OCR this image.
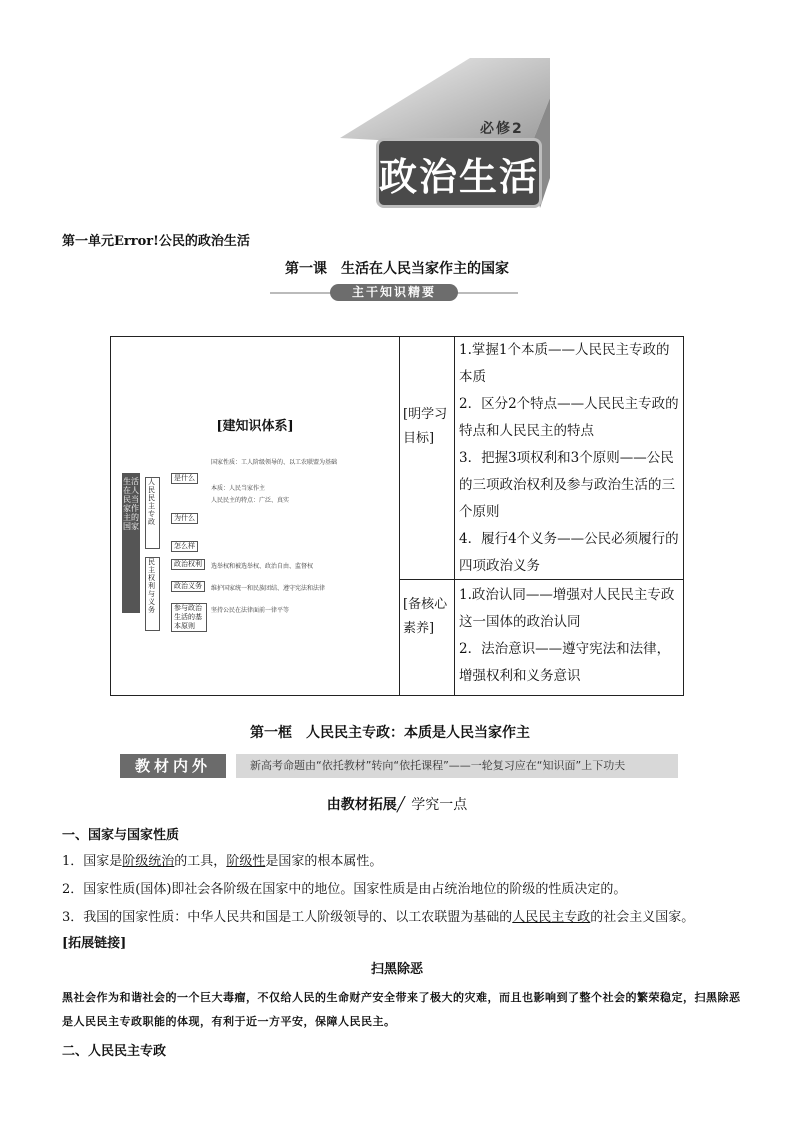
必修2
政治生活
第一单元Error!公民的政治生活
第一课　生活在人民当家作主的国家
主干知识精要
[建知识体系]
生活在人民当家作主的国家
人民民主专政
民主权利与义务
是什么
为什么
怎么样
政治权利
政治义务
参与政治生活的基本原则
国家性质：工人阶级领导的、以工农联盟为基础
本质：人民当家作主
人民民主的特点：广泛、真实
选举权和被选举权、政治自由、监督权
维护国家统一和民族团结、遵守宪法和法律
坚持公民在法律面前一律平等
[明学习目标]
1.掌握1个本质——人民民主专政的本质
2．区分2个特点——人民民主专政的特点和人民民主的特点
3．把握3项权利和3个原则——公民的三项政治权利及参与政治生活的三个原则
4．履行4个义务——公民必须履行的四项政治义务
[备核心素养]
1.政治认同——增强对人民民主专政这一国体的政治认同
2．法治意识——遵守宪法和法律，增强权利和义务意识
第一框　人民民主专政：本质是人民当家作主
教材内外	新高考命题由“依托教材”转向“依托课程”——一轮复习应在“知识面”上下功夫
由教材拓展╱ 学究一点
一、国家与国家性质
1．国家是阶级统治的工具，阶级性是国家的根本属性。
2．国家性质(国体)即社会各阶级在国家中的地位。国家性质是由占统治地位的阶级的性质决定的。
3．我国的国家性质：中华人民共和国是工人阶级领导的、以工农联盟为基础的人民民主专政的社会主义国家。
[拓展链接]
扫黑除恶
黑社会作为和谐社会的一个巨大毒瘤，不仅给人民的生命财产安全带来了极大的灾难，而且也影响到了整个社会的繁荣稳定，扫黑除恶是人民民主专政职能的体现，有利于近一方平安，保障人民民主。
二、人民民主专政
